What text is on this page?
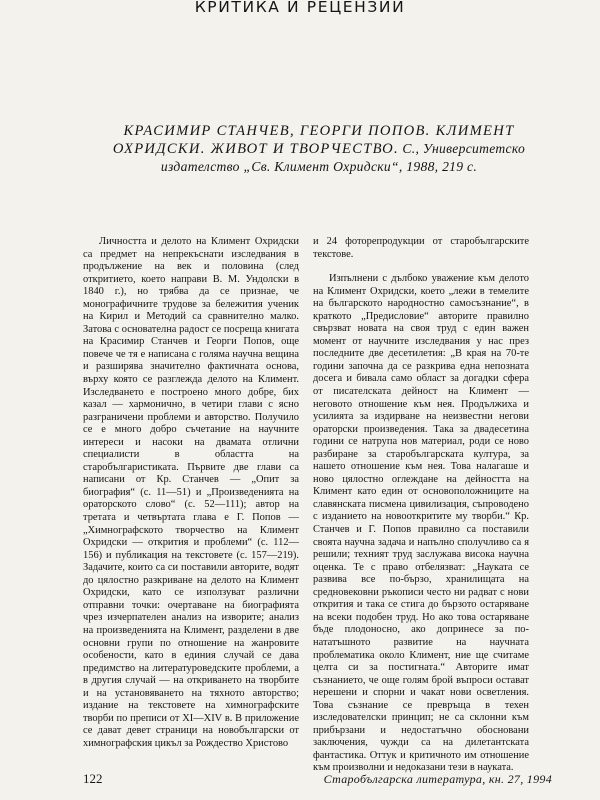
КРИТИКА И РЕЦЕНЗИИ
КРАСИМИР СТАНЧЕВ, ГЕОРГИ ПОПОВ. КЛИМЕНТ ОХРИДСКИ. ЖИВОТ И ТВОРЧЕСТВО. С., Университетско издателство „Св. Климент Охридски“, 1988, 219 с.

Личността и делото на Климент Охридски са предмет на непрекъснати изследвания в продължение на век и половина (след откритието, което направи В. М. Ундолски в 1840 г.), но трябва да се признае, че монографичните трудове за бележития ученик на Кирил и Методий са сравнително малко. Затова с основателна радост се посреща книгата на Красимир Станчев и Георги Попов, още повече че тя е написана с голяма научна вещина и разширява значително фактичната основа, върху която се разглежда делото на Климент. Изследването е построено много добре, бих казал — хармонично, в четири глави с ясно разграничени проблеми и авторство. Получило се е много добро съчетание на научните интереси и насоки на двамата отлични специалисти в областта на старобългаристиката. Първите две глави са написани от Кр. Станчев — „Опит за биография“ (с. 11—51) и „Произведенията на ораторското слово“ (с. 52—111); автор на третата и четвъртата глава е Г. Попов — „Химнографското творчество на Климент Охридски — открития и проблеми“ (с. 112—156) и публикация на текстовете (с. 157—219). Задачите, които са си поставили авторите, водят до цялостно разкриване на делото на Климент Охридски, като се използуват различни отправни точки: очертаване на биографията чрез изчерпателен анализ на изворите; анализ на произведенията на Климент, разделени в две основни групи по отношение на жанровите особености, като в единия случай се дава предимство на литературоведските проблеми, а в другия случай — на откриването на творбите и на установяването на тяхното авторство; издание на текстовете на химнографските творби по преписи от XI—XIV в. В приложение се дават девет страници на новобългарски от химнографския цикъл за Рождество Христово

и 24 фоторепродукции от старобългарските текстове.

Изпълнени с дълбоко уважение към делото на Климент Охридски, което „лежи в темелите на българското народностно самосъзнание“, в краткото „Предисловие“ авторите правилно свързват новата на своя труд с един важен момент от научните изследвания у нас през последните две десетилетия: „В края на 70-те години започна да се разкрива една непозната досега и бивала само област за догадки сфера от писателската дейност на Климент — неговото отношение към нея. Продължиха и усилията за издирване на неизвестни негови ораторски произведения. Така за двадесетина години се натрупа нов материал, роди се ново разбиране за старобългарската култура, за нашето отношение към нея. Това налагаше и ново цялостно оглеждане на дейността на Климент като един от основоположниците на славянската писмена цивилизация, съпроводено с изданието на новооткритите му творби.“ Кр. Станчев и Г. Попов правилно са поставили своята научна задача и напълно сполучливо са я решили; техният труд заслужава висока научна оценка. Те с право отбелязват: „Науката се развива все по-бързо, хранилищата на средновековни ръкописи често ни радват с нови открития и така се стига до бързото остаряване на всеки подобен труд. Но ако това остаряване бъде плодоносно, ако допринесе за по-нататъшното развитие на научната проблематика около Климент, ние ще считаме целта си за постигната.“ Авторите имат съзнанието, че още голям брой въпроси остават нерешени и спорни и чакат нови осветления. Това съзнание се превръща в техен изследователски принцип; не са склонни към прибързани и недостатъчно обосновани заключения, чужди са на дилетантската фантастика. Оттук и критичното им отношение към произволни и недоказани тези в науката.

122	Старобългарска литература, кн. 27, 1994
